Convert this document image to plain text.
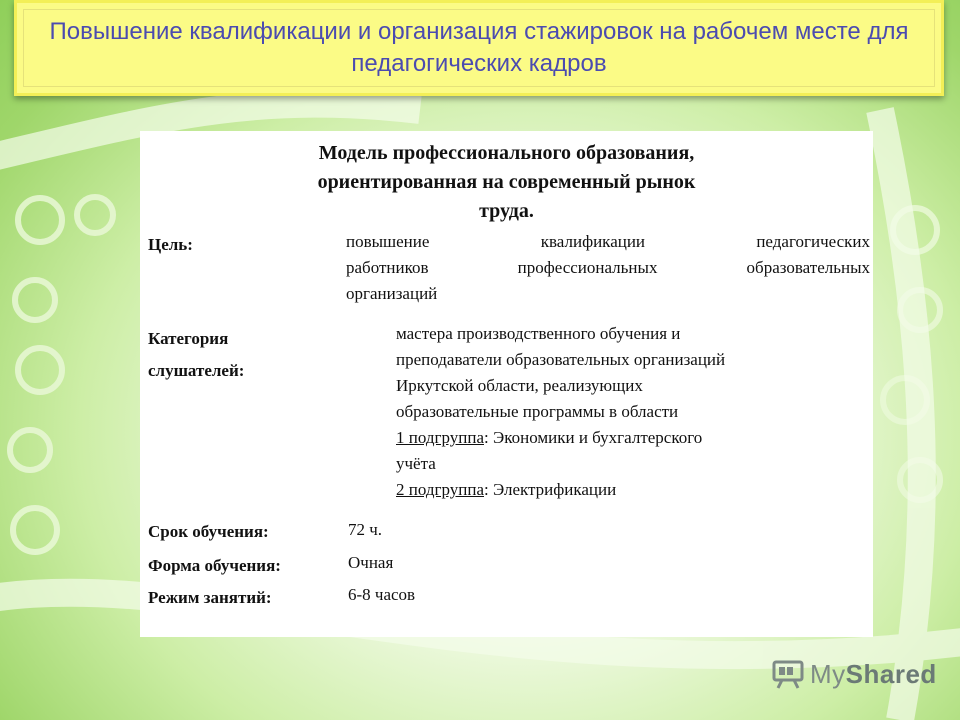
Повышение квалификации и организация стажировок на рабочем месте для педагогических кадров
Модель профессионального образования,
ориентированная на современный рынок
труда.
Цель:	повышение квалификации педагогических
работников профессиональных образовательных
организаций
Категория
слушателей:
мастера производственного обучения и
преподаватели образовательных организаций
Иркутской области, реализующих
образовательные программы в области
1 подгруппа: Экономики и бухгалтерского
учёта
2 подгруппа: Электрификации
Срок обучения:	72 ч.
Форма обучения:	Очная
Режим занятий:	6-8 часов
MyShared
